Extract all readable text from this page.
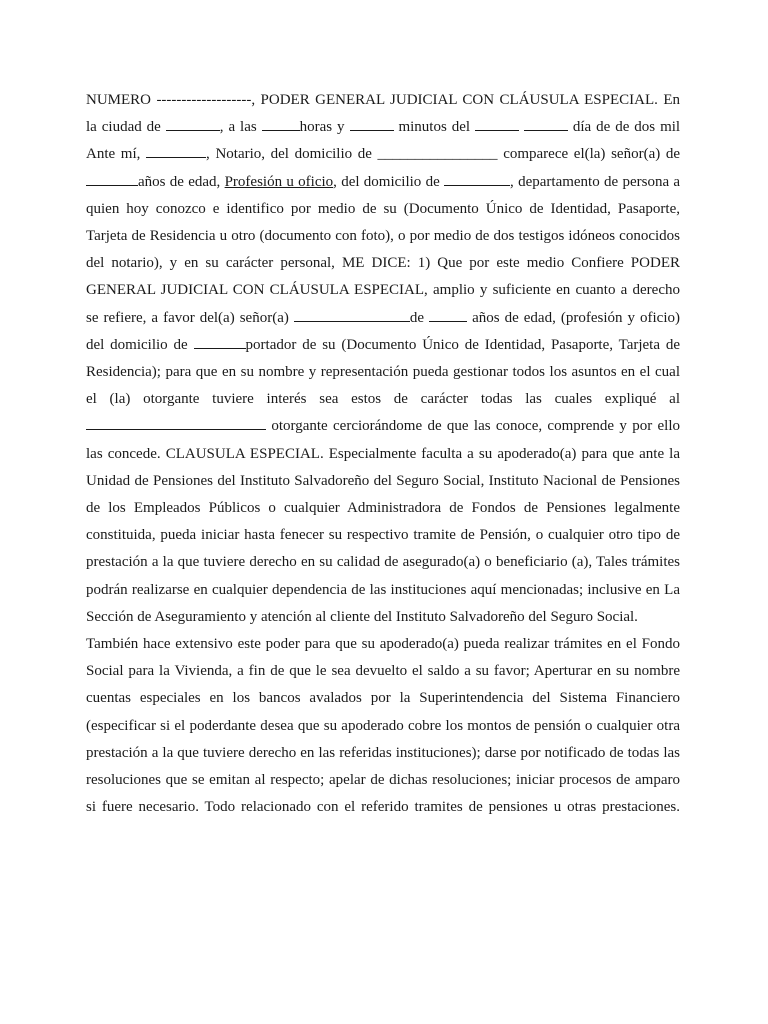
NUMERO -------------------, PODER GENERAL JUDICIAL CON CLÁUSULA ESPECIAL. En la ciudad de	, a las	horas y	minutos del	día de de dos mil Ante mí,	, Notario, del domicilio de ________________ comparece el(la) señor(a) de años de edad, Profesión u oficio, del domicilio de	, departamento de persona a quien hoy conozco e identifico por medio de su (Documento Único de Identidad, Pasaporte, Tarjeta de Residencia u otro (documento con foto), o por medio de dos testigos idóneos conocidos del notario), y en su carácter personal, ME DICE: 1) Que por este medio Confiere PODER GENERAL JUDICIAL CON CLÁUSULA ESPECIAL, amplio y suficiente en cuanto a derecho se refiere, a favor del(a) señor(a)	de	años de edad, (profesión y oficio) del domicilio de	portador de su (Documento Único de Identidad, Pasaporte, Tarjeta de Residencia); para que en su nombre y representación pueda gestionar todos los asuntos en el cual el (la) otorgante tuviere interés sea estos de carácter todas las cuales expliqué al  otorgante cerciorándome de que las conoce, comprende y por ello las concede. CLAUSULA ESPECIAL. Especialmente faculta a su apoderado(a) para que ante la Unidad de Pensiones del Instituto Salvadoreño del Seguro Social, Instituto Nacional de Pensiones de los Empleados Públicos o cualquier Administradora de Fondos de Pensiones legalmente constituida, pueda iniciar hasta fenecer su respectivo tramite de Pensión, o cualquier otro tipo de prestación a la que tuviere derecho en su calidad de asegurado(a) o beneficiario (a), Tales trámites podrán realizarse en cualquier dependencia de las instituciones aquí mencionadas; inclusive en La Sección de Aseguramiento y atención al cliente del Instituto Salvadoreño del Seguro Social.

También hace extensivo este poder para que su apoderado(a) pueda realizar trámites en el Fondo Social para la Vivienda, a fin de que le sea devuelto el saldo a su favor; Aperturar en su nombre cuentas especiales en los bancos avalados por la Superintendencia del Sistema Financiero (especificar si el poderdante desea que su apoderado cobre los montos de pensión o cualquier otra prestación a la que tuviere derecho en las referidas instituciones); darse por notificado de todas las resoluciones que se emitan al respecto; apelar de dichas resoluciones; iniciar procesos de amparo si fuere necesario. Todo relacionado con el referido tramites de pensiones u otras prestaciones.
